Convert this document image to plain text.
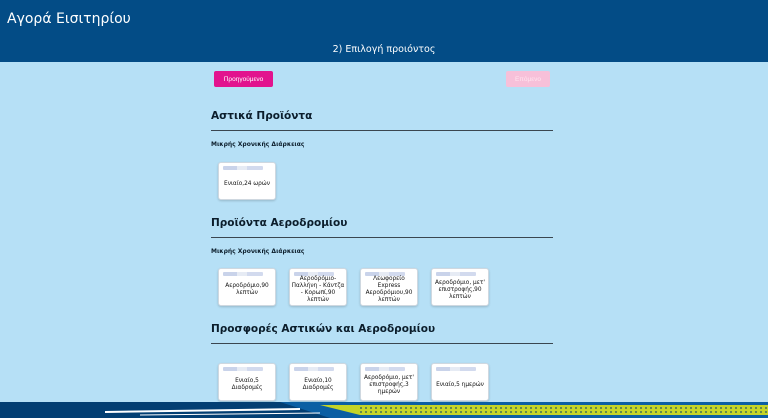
Αγορά Εισιτηρίου
2) Επιλογή προιόντος
Προηγούμενο	Επόμενο
Αστικά Προϊόντα
Μικρής Χρονικής Διάρκειας
Ενιαίο,24 ωρών
Προϊόντα Αεροδρομίου
Μικρής Χρονικής Διάρκειας
Αεροδρόμιο,90 λεπτών
Αεροδρόμιο-Παλλήνη - Κάντζα - Κορωπί,90 λεπτών
Λεωφορείο Express Αεροδρόμιου,90 λεπτών
Αεροδρόμιο, μετ' επιστροφής,90 λεπτών
Προσφορές Αστικών και Αεροδρομίου
Ενιαίο,5 Διαδρομές
Ενιαίο,10 Διαδρομές
Αεροδρόμιο, μετ' επιστροφής,3 ημερών
Ενιαίο,5 ημερών
